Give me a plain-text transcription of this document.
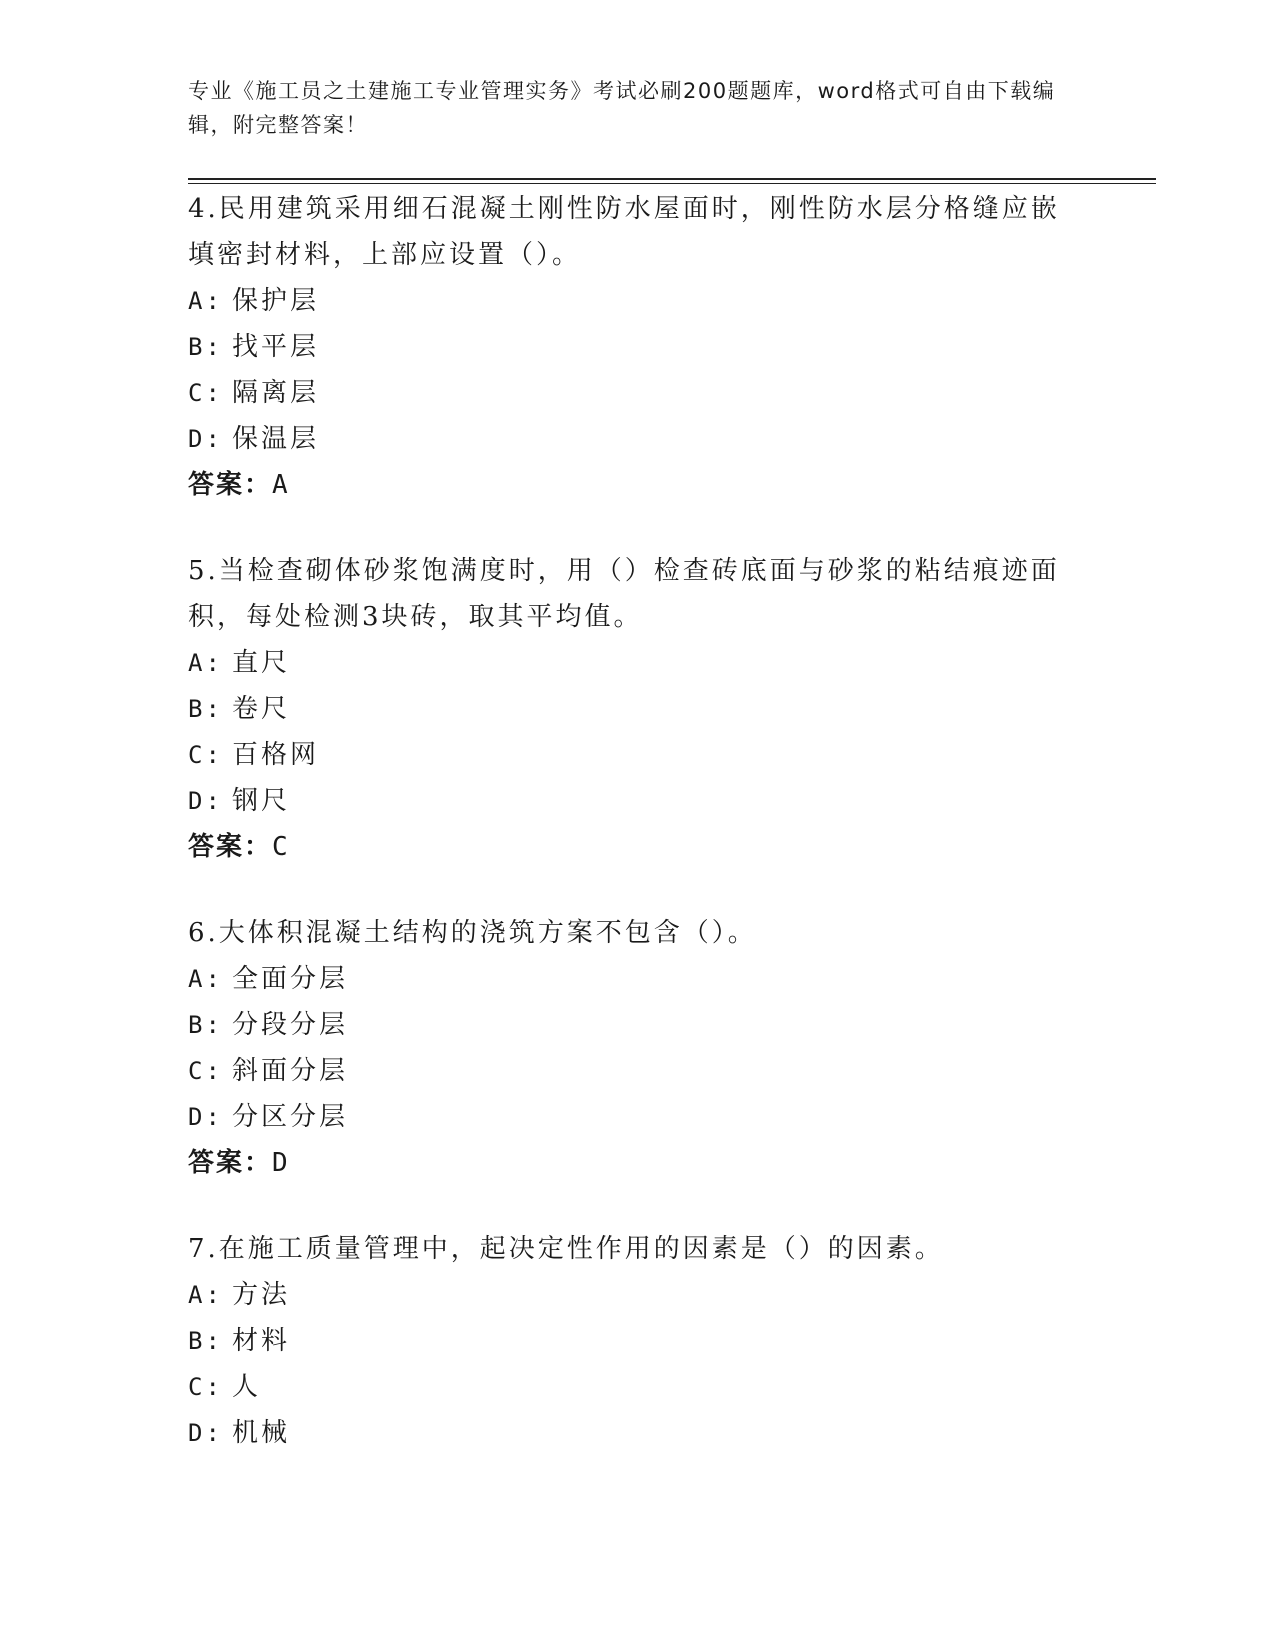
专业《施工员之土建施工专业管理实务》考试必刷200题题库，word格式可自由下载编辑，附完整答案！

4.民用建筑采用细石混凝土刚性防水屋面时，刚性防水层分格缝应嵌填密封材料，上部应设置（）。

A: 保护层
B: 找平层
C: 隔离层
D: 保温层
答案：A

5.当检查砌体砂浆饱满度时，用（）检查砖底面与砂浆的粘结痕迹面积，每处检测3块砖，取其平均值。

A: 直尺
B: 卷尺
C: 百格网
D: 钢尺
答案：C

6.大体积混凝土结构的浇筑方案不包含（）。

A: 全面分层
B: 分段分层
C: 斜面分层
D: 分区分层
答案：D

7.在施工质量管理中，起决定性作用的因素是（）的因素。

A: 方法
B: 材料
C: 人
D: 机械
